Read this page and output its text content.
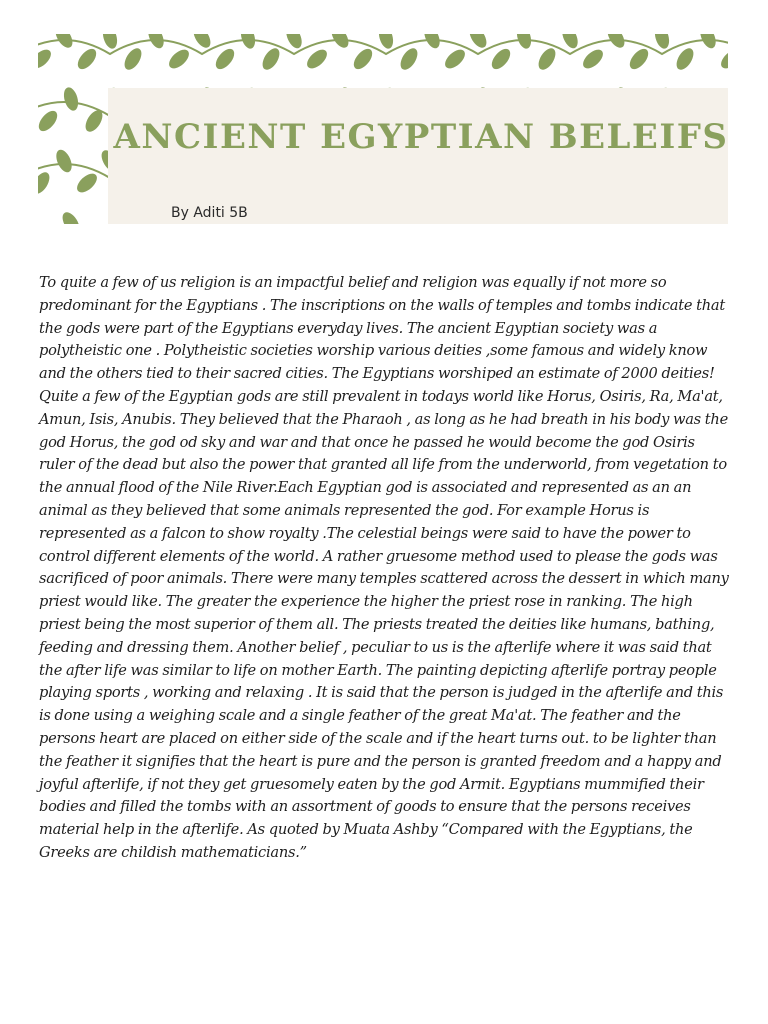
ANCIENT EGYPTIAN BELEIFS

By Aditi 5B

To quite a few of us religion is an impactful belief and religion was equally if not more so predominant for the Egyptians . The inscriptions on the walls of temples and tombs indicate that the gods were part of the Egyptians everyday lives. The ancient Egyptian society was a polytheistic one . Polytheistic societies worship various deities ,some famous and widely know and the others tied to their sacred cities. The Egyptians worshiped an estimate of 2000 deities! Quite a few of the Egyptian gods are still prevalent in todays world like Horus, Osiris, Ra, Ma'at, Amun, Isis, Anubis. They believed that the Pharaoh , as long as he had breath in his body was the god Horus, the god od sky and war and that once he passed he would become the god Osiris ruler of the dead but also the power that granted all life from the underworld, from vegetation to the annual flood of the Nile River.Each Egyptian god is associated and represented as an an animal as they believed that some animals represented the god. For example Horus is represented as a falcon to show royalty .The celestial beings were said to have the power to control different elements of the world. A rather gruesome method used to please the gods was sacrificed of poor animals. There were many temples scattered across the dessert in which many priest would like. The greater the experience the higher the priest rose in ranking. The high priest being the most superior of them all. The priests treated the deities like humans, bathing, feeding and dressing them. Another belief , peculiar to us is the afterlife where it was said that the after life was similar to life on mother Earth. The painting depicting afterlife portray people playing sports , working and relaxing . It is said that the person is judged in the afterlife and this is done using a weighing scale and a single feather of the great Ma'at. The feather and the persons heart are placed on either side of the scale and if the heart turns out. to be lighter than the feather it signifies that the heart is pure and the person is granted freedom and a happy and joyful afterlife, if not they get gruesomely eaten by the god Armit. Egyptians mummified their bodies and filled the tombs with an assortment of goods to ensure that the persons receives material help in the afterlife. As quoted by Muata Ashby “Compared with the Egyptians, the Greeks are childish mathematicians.”
